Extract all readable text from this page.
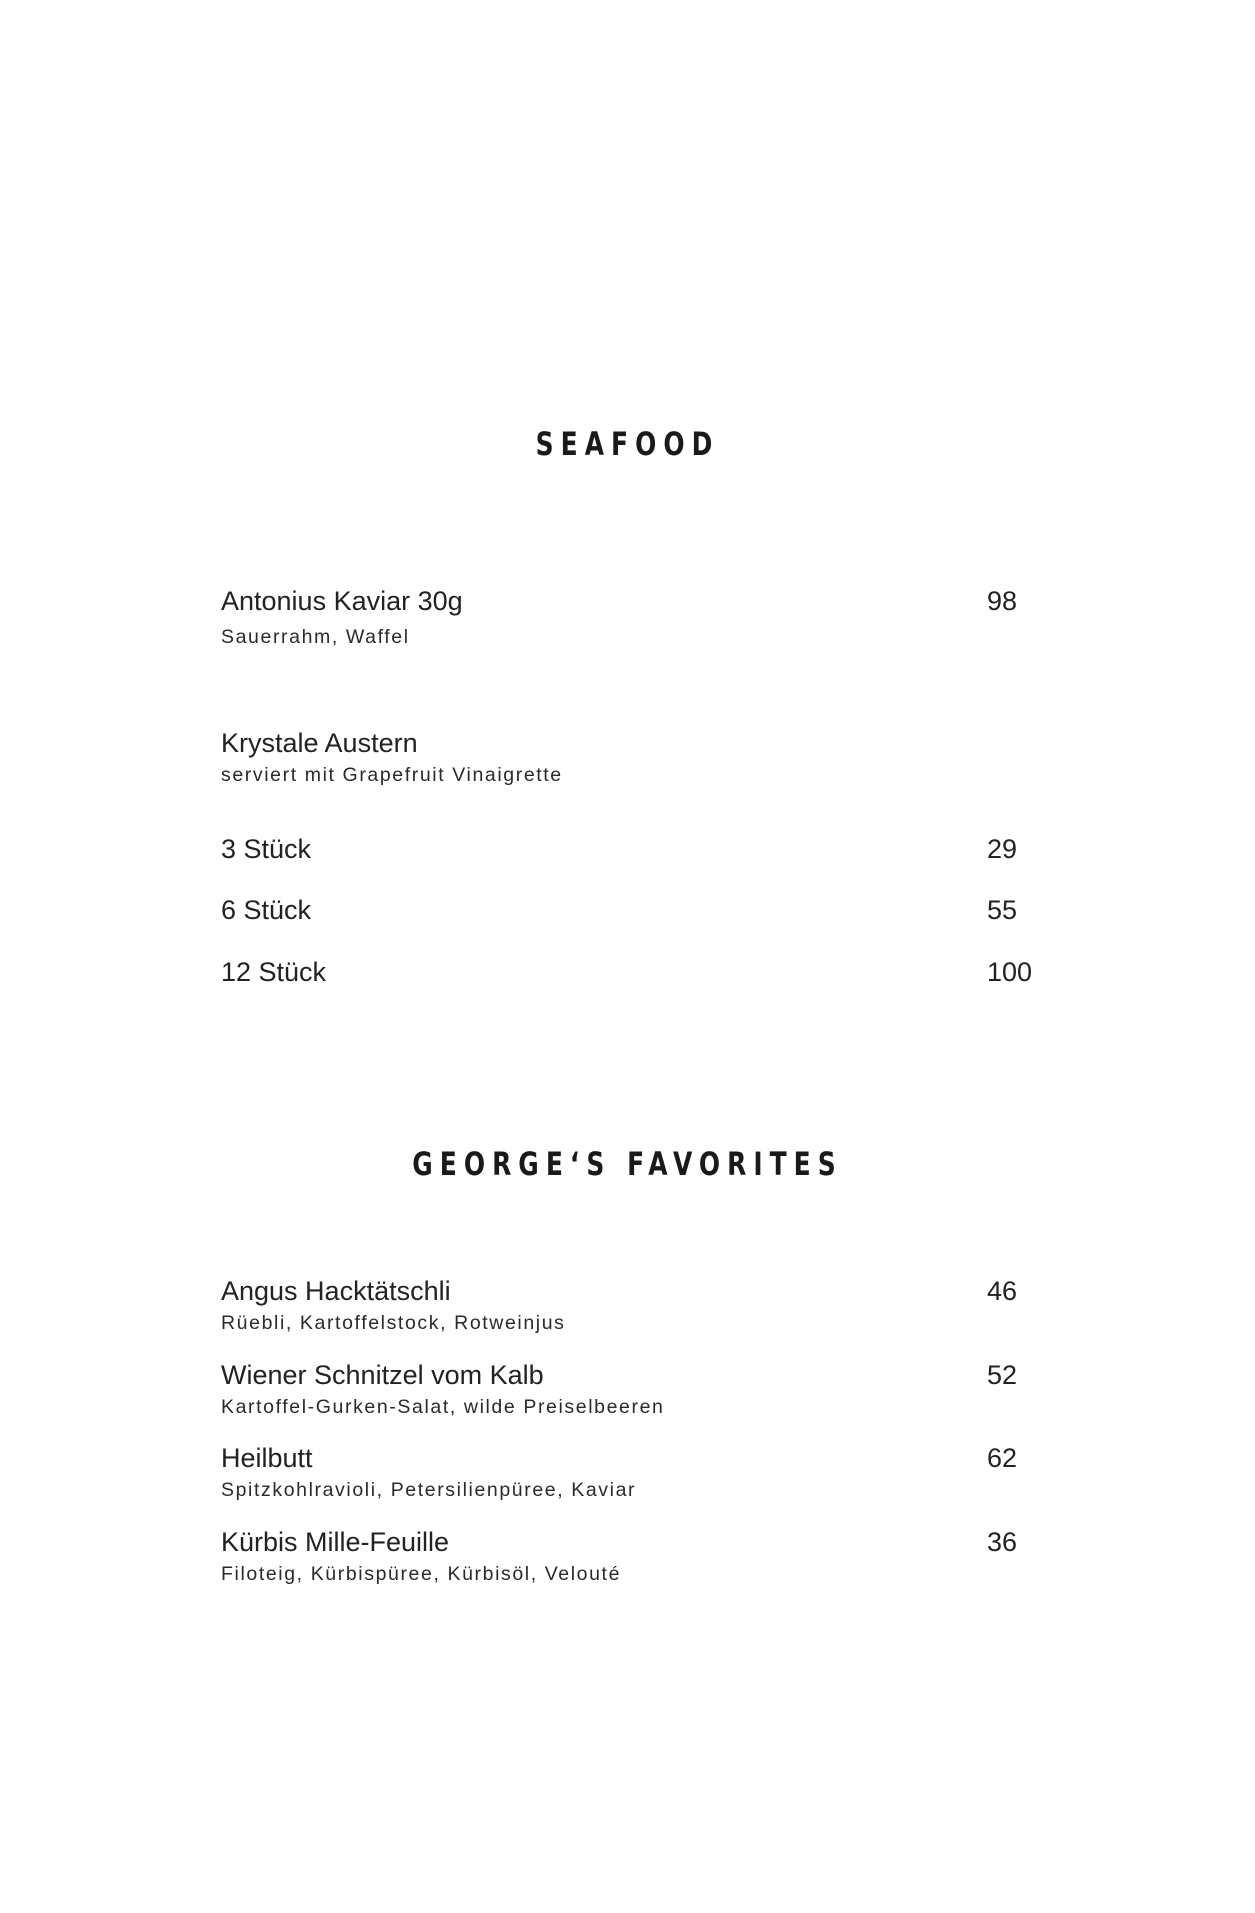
SEAFOOD
Antonius Kaviar 30g	98
Sauerrahm, Waffel
Krystale Austern
serviert mit Grapefruit Vinaigrette
3 Stück	29
6 Stück	55
12 Stück	100
GEORGE‘S FAVORITES
Angus Hacktätschli	46
Rüebli, Kartoffelstock, Rotweinjus
Wiener Schnitzel vom Kalb	52
Kartoffel-Gurken-Salat, wilde Preiselbeeren
Heilbutt	62
Spitzkohlravioli, Petersilienpüree, Kaviar
Kürbis Mille-Feuille	36
Filoteig, Kürbispüree, Kürbisöl, Velouté
